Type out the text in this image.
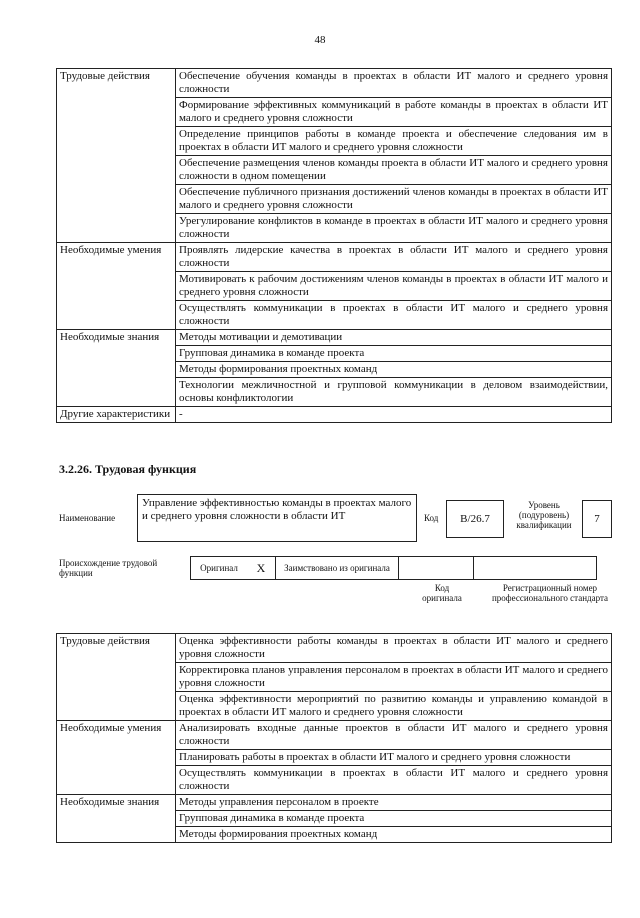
48
Трудовые действия	Обеспечение обучения команды в проектах в области ИТ малого и среднего уровня сложности
	Формирование эффективных коммуникаций в работе команды в проектах в области ИТ малого и среднего уровня сложности
	Определение принципов работы в команде проекта и обеспечение следования им в проектах в области ИТ малого и среднего уровня сложности
	Обеспечение размещения членов команды проекта в области ИТ малого и среднего уровня сложности в одном помещении
	Обеспечение публичного признания достижений членов команды в проектах в области ИТ малого и среднего уровня сложности
	Урегулирование конфликтов в команде в проектах в области ИТ малого и среднего уровня сложности
Необходимые умения	Проявлять лидерские качества в проектах в области ИТ малого и среднего уровня сложности
	Мотивировать к рабочим достижениям членов команды в проектах в области ИТ малого и среднего уровня сложности
	Осуществлять коммуникации в проектах в области ИТ малого и среднего уровня сложности
Необходимые знания	Методы мотивации и демотивации
	Групповая динамика в команде проекта
	Методы формирования проектных команд
	Технологии межличностной и групповой коммуникации в деловом взаимодействии, основы конфликтологии
Другие характеристики	-
3.2.26. Трудовая функция
Наименование
Управление эффективностью команды в проектах малого и среднего уровня сложности в области ИТ	Код	B/26.7
Уровень (подуровень) квалификации	7
Происхождение трудовой функции	Оригинал	X	Заимствовано из оригинала		
Код оригинала
Регистрационный номер профессионального стандарта
Трудовые действия	Оценка эффективности работы команды в проектах в области ИТ малого и среднего уровня сложности
	Корректировка планов управления персоналом в проектах в области ИТ малого и среднего уровня сложности
	Оценка эффективности мероприятий по развитию команды и управлению командой в проектах в области ИТ малого и среднего уровня сложности
Необходимые умения	Анализировать входные данные проектов в области ИТ малого и среднего уровня сложности
	Планировать работы в проектах в области ИТ малого и среднего уровня сложности
	Осуществлять коммуникации в проектах в области ИТ малого и среднего уровня сложности
Необходимые знания	Методы управления персоналом в проекте
	Групповая динамика в команде проекта
	Методы формирования проектных команд
